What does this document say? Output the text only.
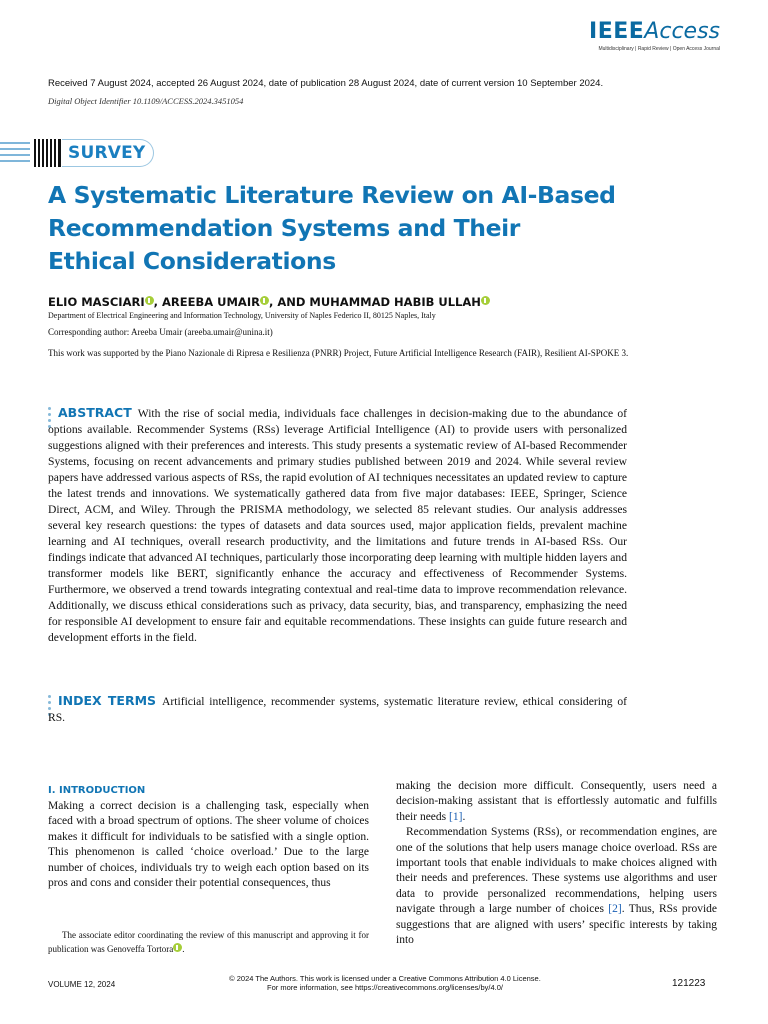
IEEEAccess
Multidisciplinary | Rapid Review | Open Access Journal
Received 7 August 2024, accepted 26 August 2024, date of publication 28 August 2024, date of current version 10 September 2024.
Digital Object Identifier 10.1109/ACCESS.2024.3451054
SURVEY
A Systematic Literature Review on AI-Based
Recommendation Systems and Their
Ethical Considerations
ELIO MASCIARI , AREEBA UMAIR , AND MUHAMMAD HABIB ULLAH
Department of Electrical Engineering and Information Technology, University of Naples Federico II, 80125 Naples, Italy
Corresponding author: Areeba Umair (areeba.umair@unina.it)
This work was supported by the Piano Nazionale di Ripresa e Resilienza (PNRR) Project, Future Artificial Intelligence Research (FAIR), Resilient AI-SPOKE 3.
ABSTRACT With the rise of social media, individuals face challenges in decision-making due to the abundance of options available. Recommender Systems (RSs) leverage Artificial Intelligence (AI) to provide users with personalized suggestions aligned with their preferences and interests. This study presents a systematic review of AI-based Recommender Systems, focusing on recent advancements and primary studies published between 2019 and 2024. While several review papers have addressed various aspects of RSs, the rapid evolution of AI techniques necessitates an updated review to capture the latest trends and innovations. We systematically gathered data from five major databases: IEEE, Springer, Science Direct, ACM, and Wiley. Through the PRISMA methodology, we selected 85 relevant studies. Our analysis addresses several key research questions: the types of datasets and data sources used, major application fields, prevalent machine learning and AI techniques, overall research productivity, and the limitations and future trends in AI-based RSs. Our findings indicate that advanced AI techniques, particularly those incorporating deep learning with multiple hidden layers and transformer models like BERT, significantly enhance the accuracy and effectiveness of Recommender Systems. Furthermore, we observed a trend towards integrating contextual and real-time data to improve recommendation relevance. Additionally, we discuss ethical considerations such as privacy, data security, bias, and transparency, emphasizing the need for responsible AI development to ensure fair and equitable recommendations. These insights can guide future research and development efforts in the field.
INDEX TERMS Artificial intelligence, recommender systems, systematic literature review, ethical considering of RS.
I. INTRODUCTION
Making a correct decision is a challenging task, especially when faced with a broad spectrum of options. The sheer volume of choices makes it difficult for individuals to be satisfied with a single option. This phenomenon is called ‘choice overload.’ Due to the large number of choices, individuals try to weigh each option based on its pros and cons and consider their potential consequences, thus

making the decision more difficult. Consequently, users need a decision-making assistant that is effortlessly automatic and fulfills their needs [1].

Recommendation Systems (RSs), or recommendation engines, are one of the solutions that help users manage choice overload. RSs are important tools that enable individuals to make choices aligned with their needs and preferences. These systems use algorithms and user data to provide personalized recommendations, helping users navigate through a large number of choices [2]. Thus, RSs provide suggestions that are aligned with users’ specific interests by taking into

The associate editor coordinating the review of this manuscript and approving it for publication was Genoveffa Tortora .
© 2024 The Authors. This work is licensed under a Creative Commons Attribution 4.0 License.
For more information, see https://creativecommons.org/licenses/by/4.0/
VOLUME 12, 2024	121223
